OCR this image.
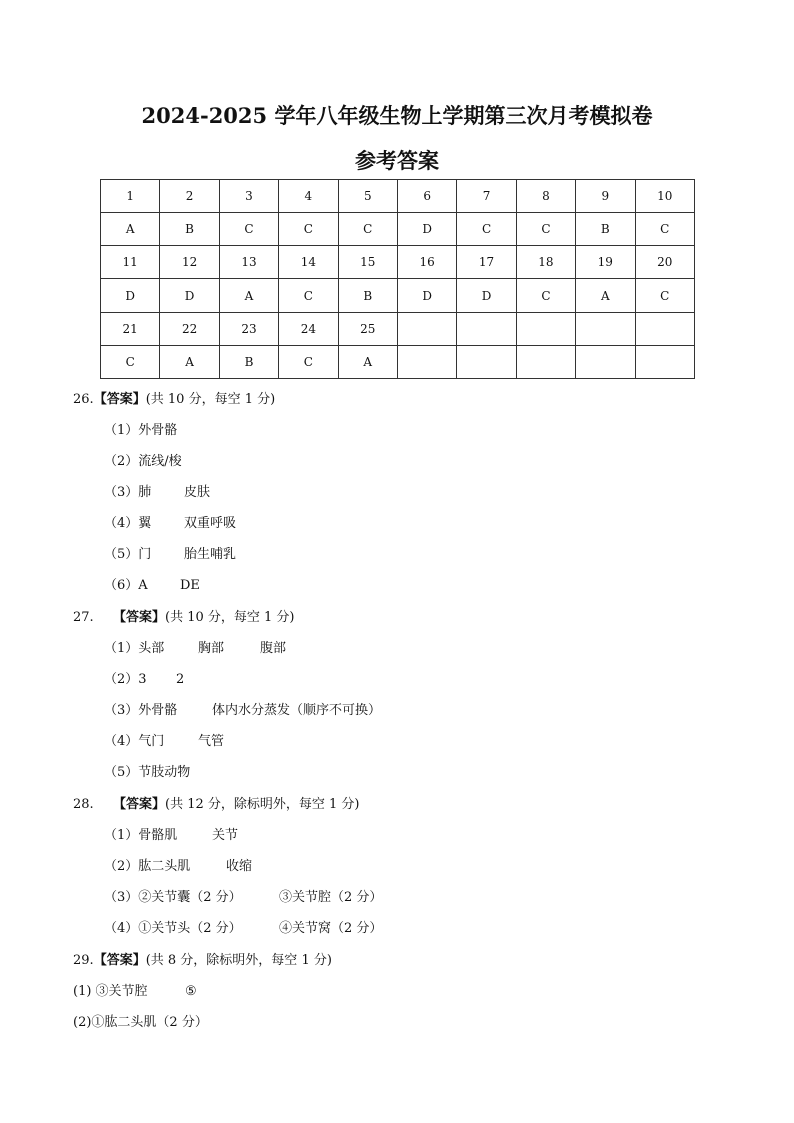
2024-2025 学年八年级生物上学期第三次月考模拟卷
参考答案
1	2	3	4	5	6	7	8	9	10
A	B	C	C	C	D	C	C	B	C
11	12	13	14	15	16	17	18	19	20
D	D	A	C	B	D	D	C	A	C
21	22	23	24	25					
C	A	B	C	A					
26.【答案】(共 10 分，每空 1 分)
（1）外骨骼
（2）流线/梭
（3）肺	皮肤
（4）翼	双重呼吸
（5）门	胎生哺乳
（6）A DE
27. 【答案】(共 10 分，每空 1 分)
（1）头部	胸部	腹部
（2）3 2
（3）外骨骼	体内水分蒸发（顺序不可换）
（4）气门	气管
（5）节肢动物
28. 【答案】(共 12 分，除标明外，每空 1 分)
（1）骨骼肌	关节
（2）肱二头肌	收缩
（3）②关节囊（2 分）	③关节腔（2 分）
（4）①关节头（2 分）	④关节窝（2 分）
29.【答案】(共 8 分，除标明外，每空 1 分)
(1) ③关节腔	⑤
(2)①肱二头肌（2 分）
